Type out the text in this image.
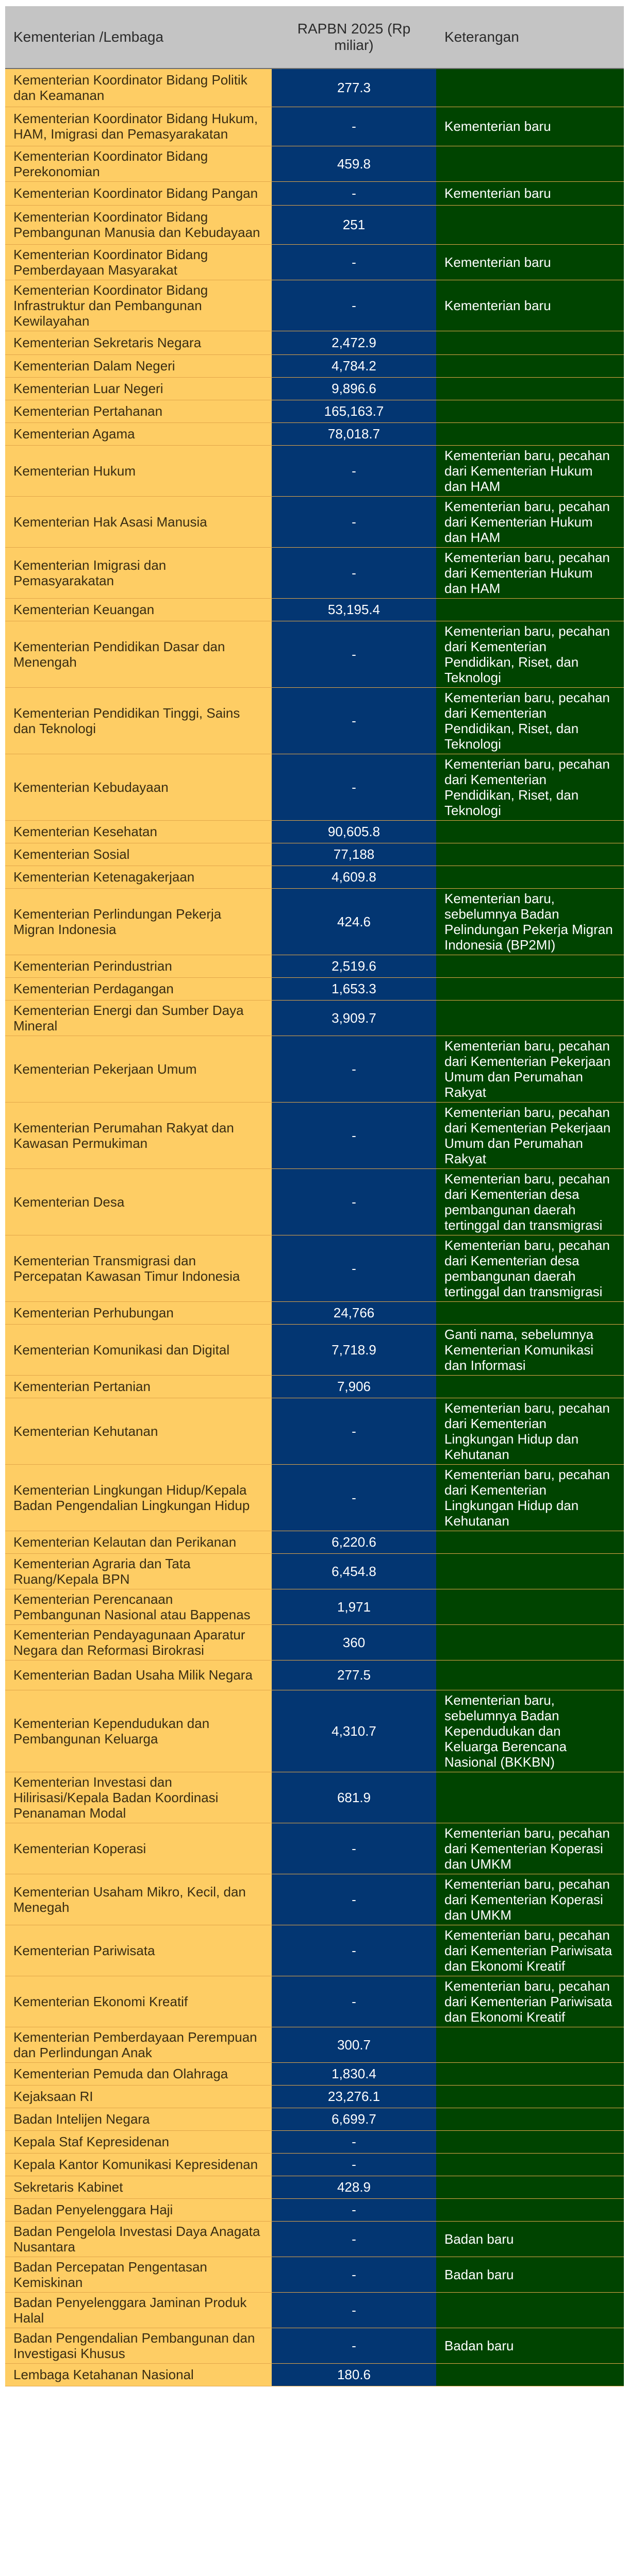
Kementerian /Lembaga	RAPBN 2025 (Rp miliar)	Keterangan
Kementerian Koordinator Bidang Politik dan Keamanan	277.3	
Kementerian Koordinator Bidang Hukum, HAM, Imigrasi dan Pemasyarakatan	-	Kementerian baru
Kementerian Koordinator Bidang Perekonomian	459.8	
Kementerian Koordinator Bidang Pangan	-	Kementerian baru
Kementerian Koordinator Bidang Pembangunan Manusia dan Kebudayaan	251	
Kementerian Koordinator Bidang Pemberdayaan Masyarakat	-	Kementerian baru
Kementerian Koordinator Bidang Infrastruktur dan Pembangunan Kewilayahan	-	Kementerian baru
Kementerian Sekretaris Negara	2,472.9	
Kementerian Dalam Negeri	4,784.2	
Kementerian Luar Negeri	9,896.6	
Kementerian Pertahanan	165,163.7	
Kementerian Agama	78,018.7	
Kementerian Hukum	-	Kementerian baru, pecahan dari Kementerian Hukum dan HAM
Kementerian Hak Asasi Manusia	-	Kementerian baru, pecahan dari Kementerian Hukum dan HAM
Kementerian Imigrasi dan Pemasyarakatan	-	Kementerian baru, pecahan dari Kementerian Hukum dan HAM
Kementerian Keuangan	53,195.4	
Kementerian Pendidikan Dasar dan Menengah	-	Kementerian baru, pecahan dari Kementerian Pendidikan, Riset, dan Teknologi
Kementerian Pendidikan Tinggi, Sains dan Teknologi	-	Kementerian baru, pecahan dari Kementerian Pendidikan, Riset, dan Teknologi
Kementerian Kebudayaan	-	Kementerian baru, pecahan dari Kementerian Pendidikan, Riset, dan Teknologi
Kementerian Kesehatan	90,605.8	
Kementerian Sosial	77,188	
Kementerian Ketenagakerjaan	4,609.8	
Kementerian Perlindungan Pekerja Migran Indonesia	424.6	Kementerian baru, sebelumnya Badan Pelindungan Pekerja Migran Indonesia (BP2MI)
Kementerian Perindustrian	2,519.6	
Kementerian Perdagangan	1,653.3	
Kementerian Energi dan Sumber Daya Mineral	3,909.7	
Kementerian Pekerjaan Umum	-	Kementerian baru, pecahan dari Kementerian Pekerjaan Umum dan Perumahan Rakyat
Kementerian Perumahan Rakyat dan Kawasan Permukiman	-	Kementerian baru, pecahan dari Kementerian Pekerjaan Umum dan Perumahan Rakyat
Kementerian Desa	-	Kementerian baru, pecahan dari Kementerian desa pembangunan daerah tertinggal dan transmigrasi
Kementerian Transmigrasi dan Percepatan Kawasan Timur Indonesia	-	Kementerian baru, pecahan dari Kementerian desa pembangunan daerah tertinggal dan transmigrasi
Kementerian Perhubungan	24,766	
Kementerian Komunikasi dan Digital	7,718.9	Ganti nama, sebelumnya Kementerian Komunikasi dan Informasi
Kementerian Pertanian	7,906	
Kementerian Kehutanan	-	Kementerian baru, pecahan dari Kementerian Lingkungan Hidup dan Kehutanan
Kementerian Lingkungan Hidup/Kepala Badan Pengendalian Lingkungan Hidup	-	Kementerian baru, pecahan dari Kementerian Lingkungan Hidup dan Kehutanan
Kementerian Kelautan dan Perikanan	6,220.6	
Kementerian Agraria dan Tata Ruang/Kepala BPN	6,454.8	
Kementerian Perencanaan Pembangunan Nasional atau Bappenas	1,971	
Kementerian Pendayagunaan Aparatur Negara dan Reformasi Birokrasi	360	
Kementerian Badan Usaha Milik Negara	277.5	
Kementerian Kependudukan dan Pembangunan Keluarga	4,310.7	Kementerian baru, sebelumnya Badan Kependudukan dan Keluarga Berencana Nasional (BKKBN)
Kementerian Investasi dan Hilirisasi/Kepala Badan Koordinasi Penanaman Modal	681.9	
Kementerian Koperasi	-	Kementerian baru, pecahan dari Kementerian Koperasi dan UMKM
Kementerian Usaham Mikro, Kecil, dan Menegah	-	Kementerian baru, pecahan dari Kementerian Koperasi dan UMKM
Kementerian Pariwisata	-	Kementerian baru, pecahan dari Kementerian Pariwisata dan Ekonomi Kreatif
Kementerian Ekonomi Kreatif	-	Kementerian baru, pecahan dari Kementerian Pariwisata dan Ekonomi Kreatif
Kementerian Pemberdayaan Perempuan dan Perlindungan Anak	300.7	
Kementerian Pemuda dan Olahraga	1,830.4	
Kejaksaan RI	23,276.1	
Badan Intelijen Negara	6,699.7	
Kepala Staf Kepresidenan	-	
Kepala Kantor Komunikasi Kepresidenan	-	
Sekretaris Kabinet	428.9	
Badan Penyelenggara Haji	-	
Badan Pengelola Investasi Daya Anagata Nusantara	-	Badan baru
Badan Percepatan Pengentasan Kemiskinan	-	Badan baru
Badan Penyelenggara Jaminan Produk Halal	-	
Badan Pengendalian Pembangunan dan Investigasi Khusus	-	Badan baru
Lembaga Ketahanan Nasional	180.6	
